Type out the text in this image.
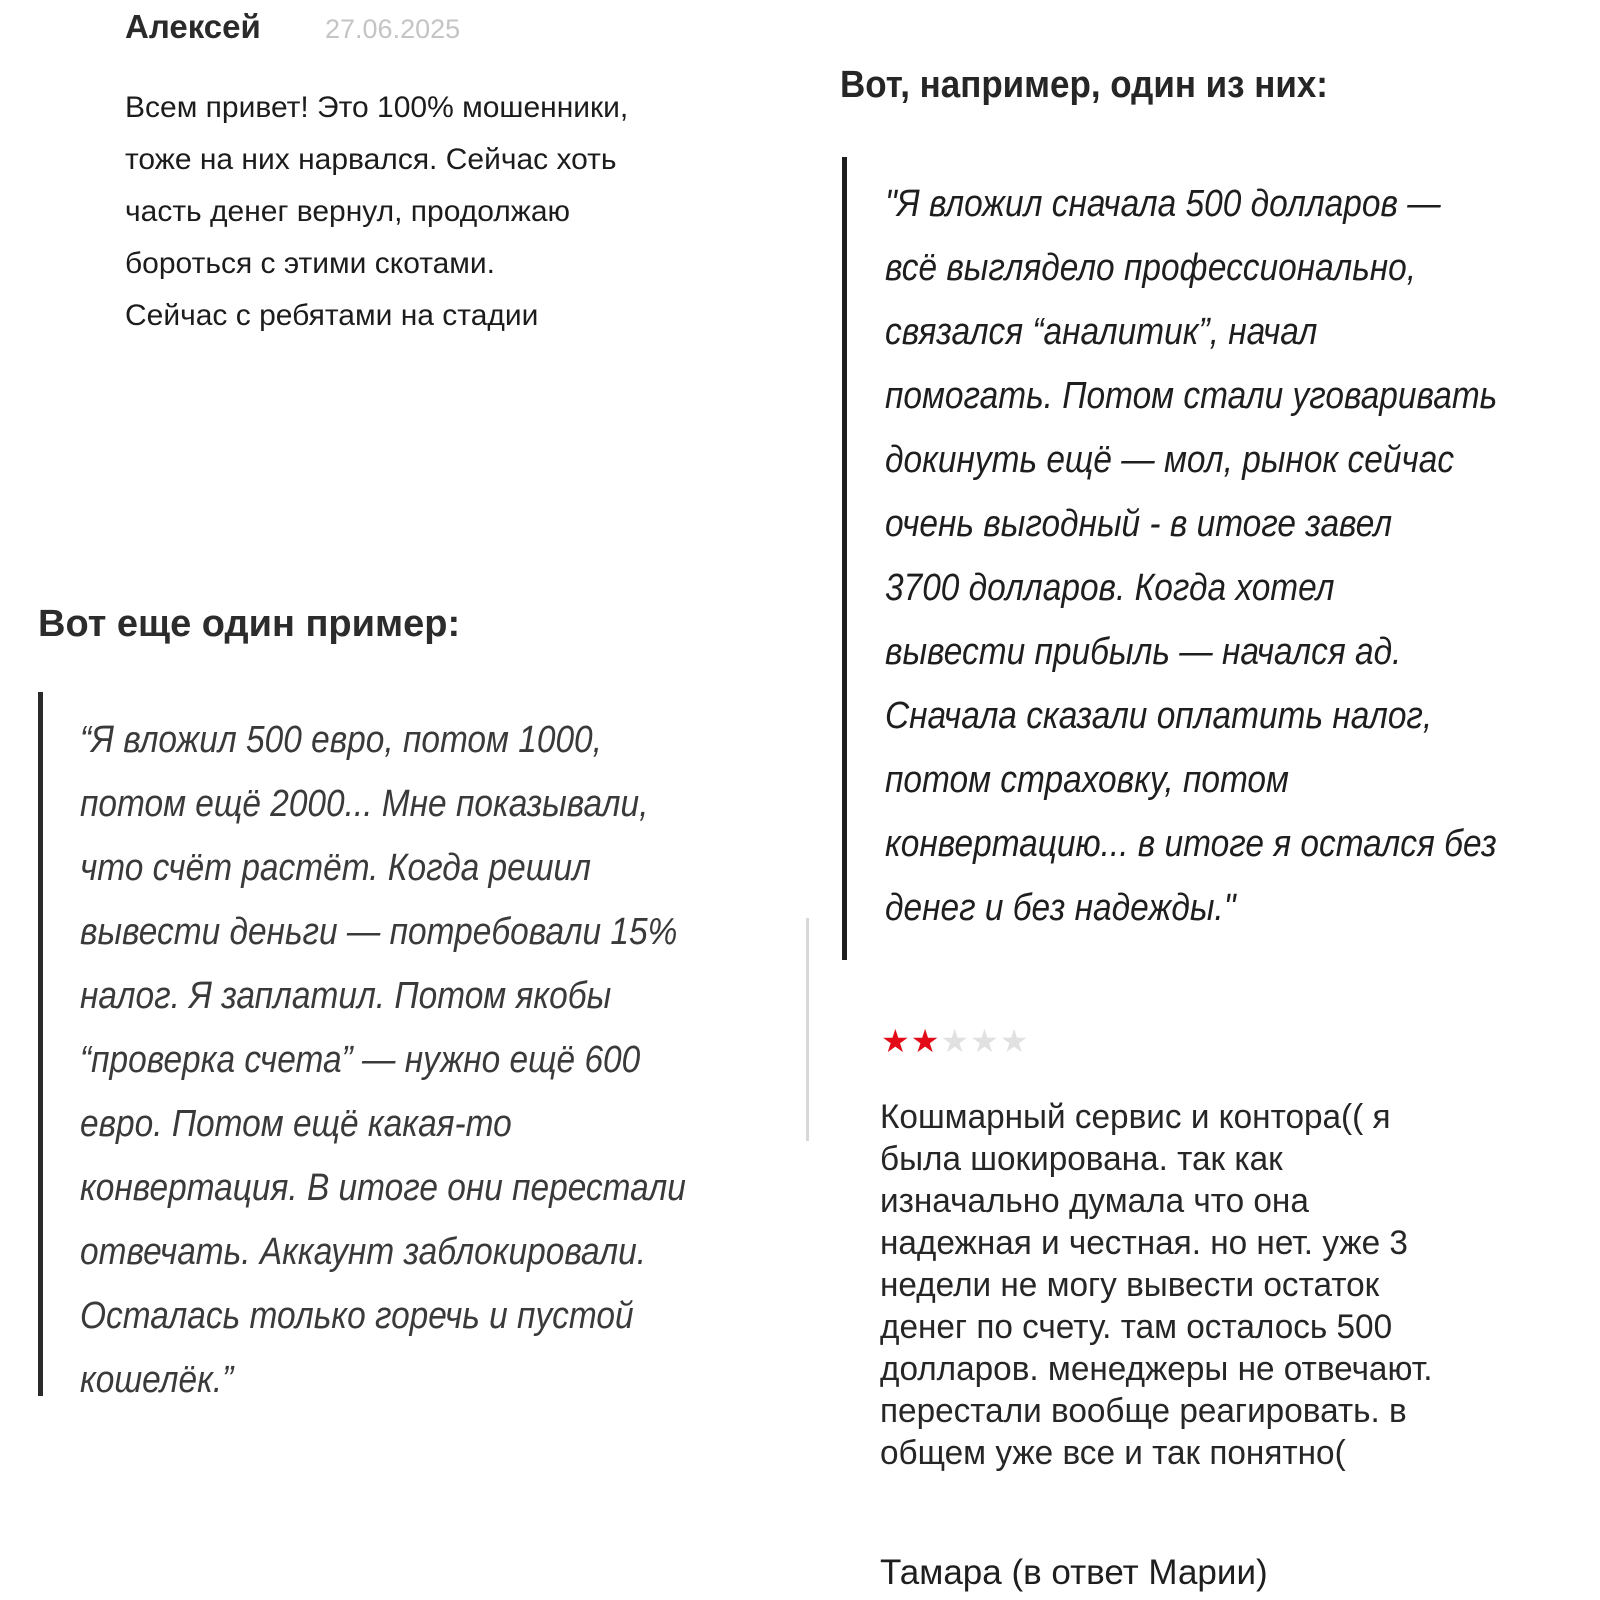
Алексей 27.06.2025
Всем привет! Это 100% мошенники,
тоже на них нарвался. Сейчас хоть
часть денег вернул, продолжаю
бороться с этими скотами.
Сейчас с ребятами на стадии
Вот еще один пример:
“Я вложил 500 евро, потом 1000,
потом ещё 2000... Мне показывали,
что счёт растёт. Когда решил
вывести деньги — потребовали 15%
налог. Я заплатил. Потом якобы
“проверка счета” — нужно ещё 600
евро. Потом ещё какая-то
конвертация. В итоге они перестали
отвечать. Аккаунт заблокировали.
Осталась только горечь и пустой
кошелёк.”
Вот, например, один из них:
"Я вложил сначала 500 долларов —
всё выглядело профессионально,
связался “аналитик”, начал
помогать. Потом стали уговаривать
докинуть ещё — мол, рынок сейчас
очень выгодный - в итоге завел
3700 долларов. Когда хотел
вывести прибыль — начался ад.
Сначала сказали оплатить налог,
потом страховку, потом
конвертацию... в итоге я остался без
денег и без надежды."
★★★★★
Кошмарный сервис и контора(( я
была шокирована. так как
изначально думала что она
надежная и честная. но нет. уже 3
недели не могу вывести остаток
денег по счету. там осталось 500
долларов. менеджеры не отвечают.
перестали вообще реагировать. в
общем уже все и так понятно(
Тамара (в ответ Марии)
